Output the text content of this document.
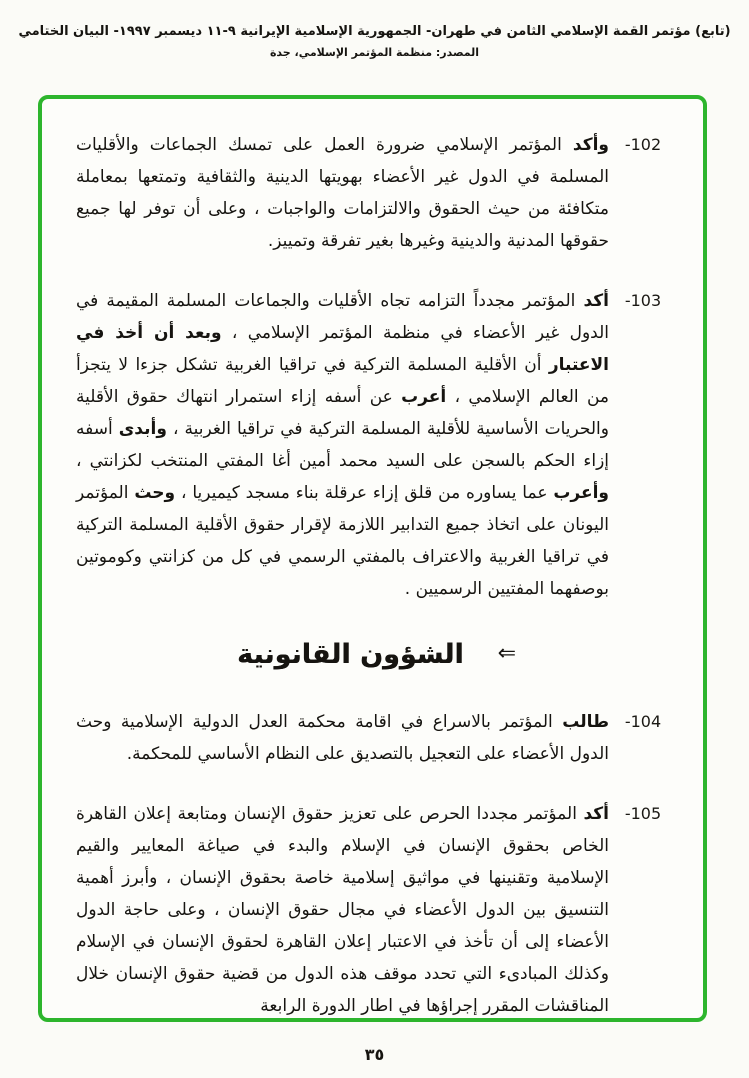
(تابع) مؤتمر القمة الإسلامي الثامن في طهران- الجمهورية الإسلامية الإيرانية ٩-١١ ديسمبر ١٩٩٧- البيان الختامي
المصدر: منظمة المؤتمر الإسلامي، جدة
-102
وأكد المؤتمر الإسلامي ضرورة العمل على تمسك الجماعات والأقليات المسلمة في الدول غير الأعضاء بهويتها الدينية والثقافية وتمتعها بمعاملة متكافئة من حيث الحقوق والالتزامات والواجبات ، وعلى أن توفر لها جميع حقوقها المدنية والدينية وغيرها بغير تفرقة وتمييز.
-103
أكد المؤتمر مجدداً التزامه تجاه الأقليات والجماعات المسلمة المقيمة في الدول غير الأعضاء في منظمة المؤتمر الإسلامي ، وبعد أن أخذ في الاعتبار أن الأقلية المسلمة التركية في تراقيا الغربية تشكل جزءا لا يتجزأ من العالم الإسلامي ، أعرب عن أسفه إزاء استمرار انتهاك حقوق الأقلية والحريات الأساسية للأقلية المسلمة التركية في تراقيا الغربية ، وأبدى أسفه إزاء الحكم بالسجن على السيد محمد أمين أغا المفتي المنتخب لكزانتي ، وأعرب عما يساوره من قلق إزاء عرقلة بناء مسجد كيميريا ، وحث المؤتمر اليونان على اتخاذ جميع التدابير اللازمة لإقرار حقوق الأقلية المسلمة التركية في تراقيا الغربية والاعتراف بالمفتي الرسمي في كل من كزانتي وكوموتين بوصفهما المفتيين الرسميين .
⇐
الشؤون القانونية
-104
طالب المؤتمر بالاسراع في اقامة محكمة العدل الدولية الإسلامية وحث الدول الأعضاء على التعجيل بالتصديق على النظام الأساسي للمحكمة.
-105
أكد المؤتمر مجددا الحرص على تعزيز حقوق الإنسان ومتابعة إعلان القاهرة الخاص بحقوق الإنسان في الإسلام والبدء في صياغة المعايير والقيم الإسلامية وتقنينها في مواثيق إسلامية خاصة بحقوق الإنسان ، وأبرز أهمية التنسيق بين الدول الأعضاء في مجال حقوق الإنسان ، وعلى حاجة الدول الأعضاء إلى أن تأخذ في الاعتبار إعلان القاهرة لحقوق الإنسان في الإسلام وكذلك المبادىء التي تحدد موقف هذه الدول من قضية حقوق الإنسان خلال المناقشات المقرر إجراؤها في اطار الدورة الرابعة
٣٥
